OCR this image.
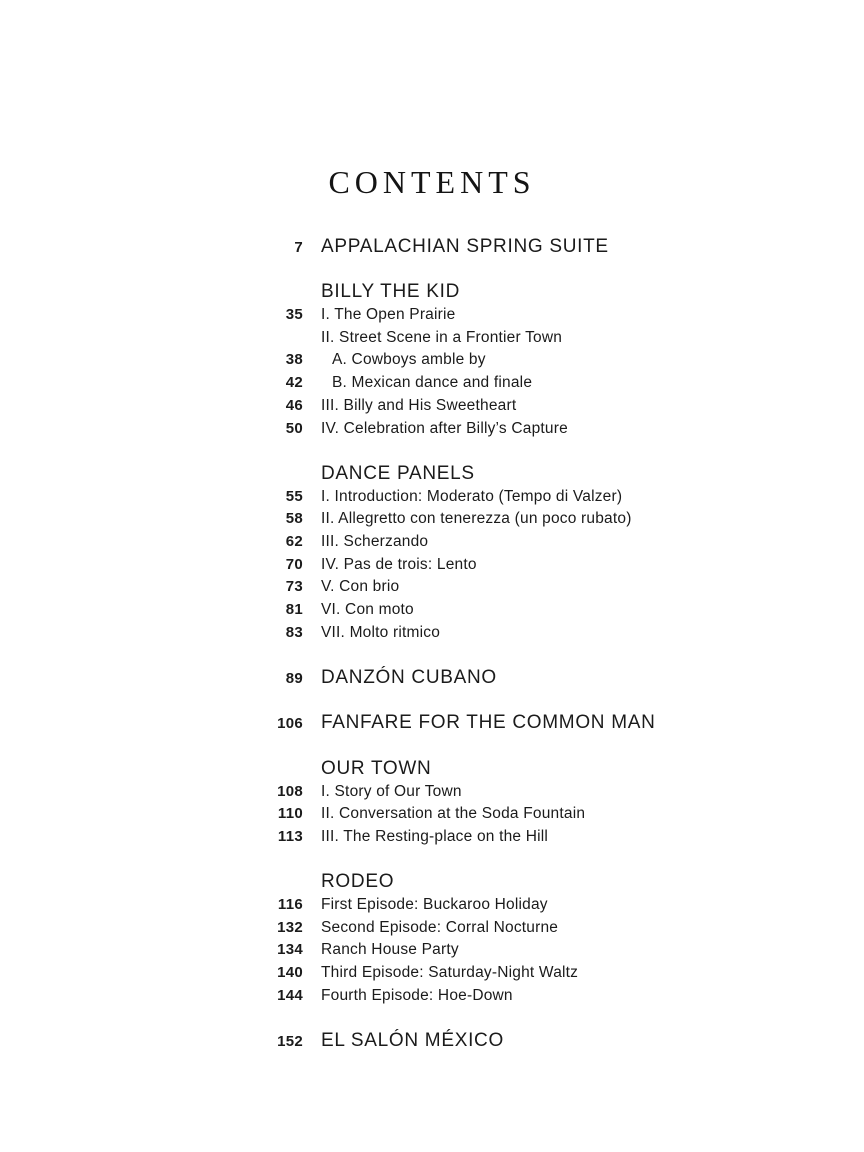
CONTENTS
7 APPALACHIAN SPRING SUITE
BILLY THE KID
35 I. The Open Prairie
II. Street Scene in a Frontier Town
38 A. Cowboys amble by
42 B. Mexican dance and finale
46 III. Billy and His Sweetheart
50 IV. Celebration after Billy’s Capture
DANCE PANELS
55 I. Introduction: Moderato (Tempo di Valzer)
58 II. Allegretto con tenerezza (un poco rubato)
62 III. Scherzando
70 IV. Pas de trois: Lento
73 V. Con brio
81 VI. Con moto
83 VII. Molto ritmico
89 DANZÓN CUBANO
106 FANFARE FOR THE COMMON MAN
OUR TOWN
108 I. Story of Our Town
110 II. Conversation at the Soda Fountain
113 III. The Resting-place on the Hill
RODEO
116 First Episode: Buckaroo Holiday
132 Second Episode: Corral Nocturne
134 Ranch House Party
140 Third Episode: Saturday-Night Waltz
144 Fourth Episode: Hoe-Down
152 EL SALÓN MÉXICO
